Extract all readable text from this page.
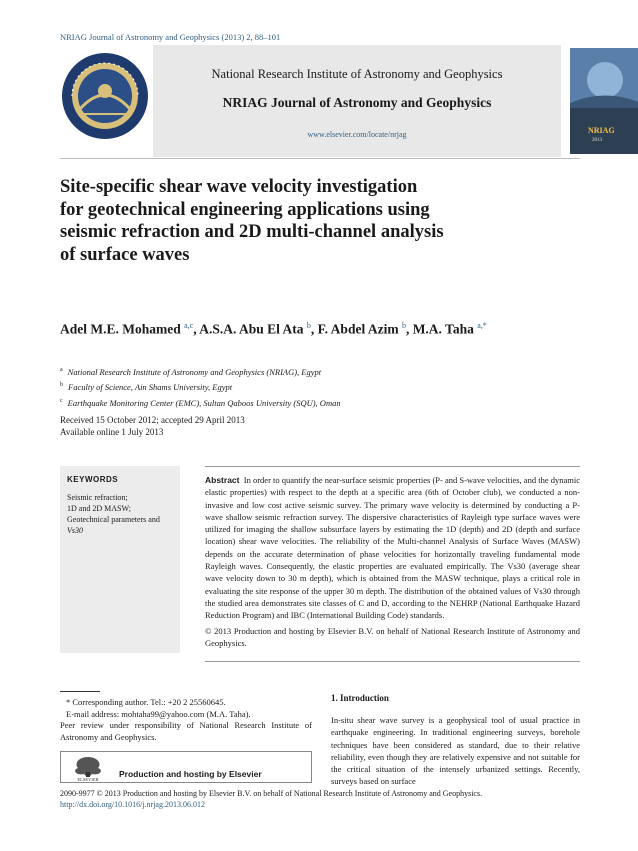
NRIAG Journal of Astronomy and Geophysics (2013) 2, 88–101
National Research Institute of Astronomy and Geophysics
NRIAG Journal of Astronomy and Geophysics
www.elsevier.com/locate/nrjag	NRIAG
2013
Site-specific shear wave velocity investigation
for geotechnical engineering applications using
seismic refraction and 2D multi-channel analysis
of surface waves
Adel M.E. Mohamed $^{a,c}$, A.S.A. Abu El Ata $^b$, F. Abdel Azim $^b$, M.A. Taha $^{a,*}$
$^a$ National Research Institute of Astronomy and Geophysics (NRIAG), Egypt
$^b$ Faculty of Science, Ain Shams University, Egypt
$^c$ Earthquake Monitoring Center (EMC), Sultan Qaboos University (SQU), Oman
Received 15 October 2012; accepted 29 April 2013
Available online 1 July 2013
KEYWORDS
Seismic refraction;
1D and 2D MASW;
Geotechnical parameters and
Vs30
Abstract In order to quantify the near-surface seismic properties (P- and S-wave velocities, and the dynamic elastic properties) with respect to the depth at a specific area (6th of October club), we conducted a non-invasive and low cost active seismic survey. The primary wave velocity is determined by conducting a P-wave shallow seismic refraction survey. The dispersive characteristics of Rayleigh type surface waves were utilized for imaging the shallow subsurface layers by estimating the 1D (depth) and 2D (depth and surface location) shear wave velocities. The reliability of the Multi-channel Analysis of Surface Waves (MASW) depends on the accurate determination of phase velocities for horizontally traveling fundamental mode Rayleigh waves. Consequently, the elastic properties are evaluated empirically. The Vs30 (average shear wave velocity down to 30 m depth), which is obtained from the MASW technique, plays a critical role in evaluating the site response of the upper 30 m depth. The distribution of the obtained values of Vs30 through the studied area demonstrates site classes of C and D, according to the NEHRP (National Earthquake Hazard Reduction Program) and IBC (International Building Code) standards.
© 2013 Production and hosting by Elsevier B.V. on behalf of National Research Institute of Astronomy and Geophysics.
* Corresponding author. Tel.: +20 2 25560645.
E-mail address: mohtaha99@yahoo.com (M.A. Taha).
Peer review under responsibility of National Research Institute of Astronomy and Geophysics.
ELSEVIER
Production and hosting by Elsevier
1. Introduction
In-situ shear wave survey is a geophysical tool of usual practice in earthquake engineering. In traditional engineering surveys, borehole techniques have been considered as standard, due to their relative reliability, even though they are relatively expensive and not suitable for the critical situation of the intensely urbanized settings. Recently, surveys based on surface
2090-9977 © 2013 Production and hosting by Elsevier B.V. on behalf of National Research Institute of Astronomy and Geophysics.
http://dx.doi.org/10.1016/j.nrjag.2013.06.012
